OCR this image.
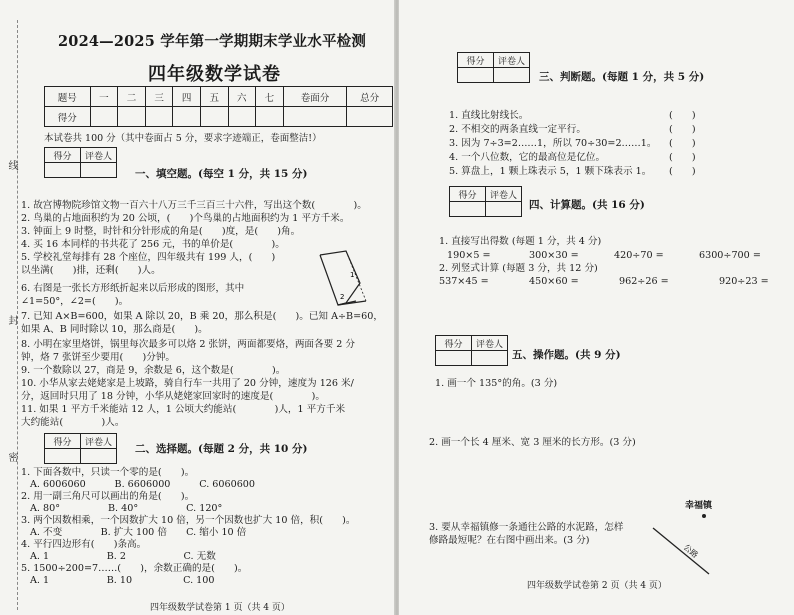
线
封
密
2024—2025 学年第一学期期末学业水平检测
四年级数学试卷
题号	一	二	三	四	五	六	七	卷面分	总分
得分									
本试卷共 100 分（其中卷面占 5 分，要求字迹端正，卷面整洁!）
得分	评卷人

一、填空题。(每空 1 分，共 15 分)
1. 故宫博物院珍馆文物一百六十八万三千三百三十六件，写出这个数(　　　　)。
2. 鸟巢的占地面积约为 20 公顷，(　　)个鸟巢的占地面积约为 1 平方千米。
3. 钟面上 9 时整，时针和分针形成的角是(　　)度，是(　　)角。
4. 买 16 本同样的书共花了 256 元，书的单价是(　　　　)。
5. 学校礼堂每排有 28 个座位，四年级共有 199 人，(　　)
以坐满(　　)排，还剩(　　)人。
6. 右图是一张长方形纸折起来以后形成的图形，其中
∠1=50°，∠2=(　　)。
1
2
7. 已知 A×B=600，如果 A 除以 20，B 乘 20，那么积是(　　)。已知 A÷B=60，
如果 A、B 同时除以 10，那么商是(　　)。
8. 小明在家里烙饼，锅里每次最多可以烙 2 张饼，两面都要烙，两面各要 2 分
钟，烙 7 张饼至少要用(　　)分钟。
9. 一个数除以 27，商是 9，余数是 6，这个数是(　　　　)。
10. 小华从家去姥姥家是上坡路，骑自行车一共用了 20 分钟，速度为 126 米/
分，返回时只用了 18 分钟，小华从姥姥家回家时的速度是(　　　　)。
11. 如果 1 平方千米能站 12 人，1 公顷大约能站(　　　　)人，1 平方千米
大约能站(　　　　)人。
得分	评卷人

二、选择题。(每题 2 分，共 10 分)
1. 下面各数中，只读一个零的是(　　)。
A. 6006060　　　B. 6606000　　　C. 6060600
2. 用一副三角尺可以画出的角是(　　)。
A. 80°　　　　　B. 40°　　　　　C. 120°
3. 两个因数相乘，一个因数扩大 10 倍，另一个因数也扩大 10 倍，积(　　)。
A. 不变　　　　B. 扩大 100 倍　　C. 缩小 10 倍
4. 平行四边形有(　　)条高。
A. 1　　　　　　B. 2　　　　　　C. 无数
5. 1500÷200=7……(　　)，余数正确的是(　　)。
A. 1　　　　　　B. 10　　　　　 C. 100
四年级数学试卷第 1 页（共 4 页）
得分	评卷人

三、判断题。(每题 1 分，共 5 分)
1. 直线比射线长。	(　　)
2. 不相交的两条直线一定平行。	(　　)
3. 因为 7÷3=2……1，所以 70÷30=2……1。 (　　)
4. 一个八位数，它的最高位是亿位。	(　　)
5. 算盘上，1 颗上珠表示 5，1 颗下珠表示 1。 (　　)
得分	评卷人

四、计算题。(共 16 分)
1. 直接写出得数 (每题 1 分，共 4 分)
190×5 =	300×30 =	420÷70 =	6300÷700 =
2. 列竖式计算 (每题 3 分，共 12 分)
537×45 =	450×60 =	962÷26 =	920÷23 =
得分	评卷人

五、操作题。(共 9 分)
1. 画一个 135°的角。(3 分)
2. 画一个长 4 厘米、宽 3 厘米的长方形。(3 分)
3. 要从幸福镇修一条通往公路的水泥路，怎样
修路最短呢？在右图中画出来。(3 分)
幸福镇
公路
四年级数学试卷第 2 页（共 4 页）
